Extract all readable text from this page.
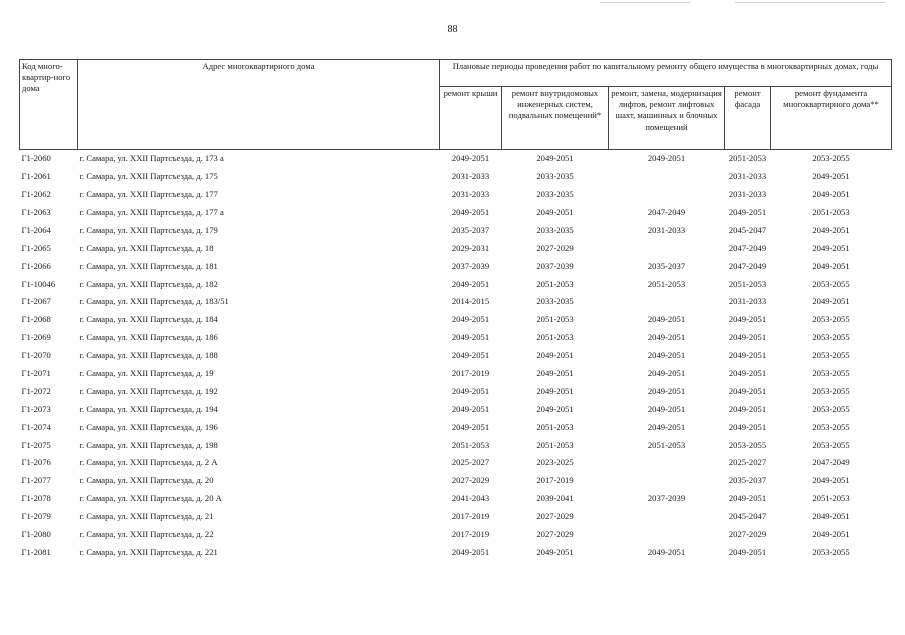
88
Код много-квартир-ного дома	Адрес многоквартирного дома	Плановые периоды проведения работ по капитальному ремонту общего имущества в многоквартирных домах, годы				
		ремонт крыши	ремонт внутридомовых инженерных систем, подвальных помещений*	ремонт, замена, модернизация лифтов, ремонт лифтовых шахт, машинных и блочных помещений	ремонт фасада	ремонт фундамента многоквартирного дома**
Г1-2060	г. Самара, ул. XXII Партсъезда, д. 173 а	2049-2051	2049-2051	2049-2051	2051-2053	2053-2055
Г1-2061	г. Самара, ул. XXII Партсъезда, д. 175	2031-2033	2033-2035		2031-2033	2049-2051
Г1-2062	г. Самара, ул. XXII Партсъезда, д. 177	2031-2033	2033-2035		2031-2033	2049-2051
Г1-2063	г. Самара, ул. XXII Партсъезда, д. 177 а	2049-2051	2049-2051	2047-2049	2049-2051	2051-2053
Г1-2064	г. Самара, ул. XXII Партсъезда, д. 179	2035-2037	2033-2035	2031-2033	2045-2047	2049-2051
Г1-2065	г. Самара, ул. XXII Партсъезда, д. 18	2029-2031	2027-2029		2047-2049	2049-2051
Г1-2066	г. Самара, ул. XXII Партсъезда, д. 181	2037-2039	2037-2039	2035-2037	2047-2049	2049-2051
Г1-10046	г. Самара, ул. XXII Партсъезда, д. 182	2049-2051	2051-2053	2051-2053	2051-2053	2053-2055
Г1-2067	г. Самара, ул. XXII Партсъезда, д. 183/51	2014-2015	2033-2035		2031-2033	2049-2051
Г1-2068	г. Самара, ул. XXII Партсъезда, д. 184	2049-2051	2051-2053	2049-2051	2049-2051	2053-2055
Г1-2069	г. Самара, ул. XXII Партсъезда, д. 186	2049-2051	2051-2053	2049-2051	2049-2051	2053-2055
Г1-2070	г. Самара, ул. XXII Партсъезда, д. 188	2049-2051	2049-2051	2049-2051	2049-2051	2053-2055
Г1-2071	г. Самара, ул. XXII Партсъезда, д. 19	2017-2019	2049-2051	2049-2051	2049-2051	2053-2055
Г1-2072	г. Самара, ул. XXII Партсъезда, д. 192	2049-2051	2049-2051	2049-2051	2049-2051	2053-2055
Г1-2073	г. Самара, ул. XXII Партсъезда, д. 194	2049-2051	2049-2051	2049-2051	2049-2051	2053-2055
Г1-2074	г. Самара, ул. XXII Партсъезда, д. 196	2049-2051	2051-2053	2049-2051	2049-2051	2053-2055
Г1-2075	г. Самара, ул. XXII Партсъезда, д. 198	2051-2053	2051-2053	2051-2053	2053-2055	2053-2055
Г1-2076	г. Самара, ул. XXII Партсъезда, д. 2 А	2025-2027	2023-2025		2025-2027	2047-2049
Г1-2077	г. Самара, ул. XXII Партсъезда, д. 20	2027-2029	2017-2019		2035-2037	2049-2051
Г1-2078	г. Самара, ул. XXII Партсъезда, д. 20 А	2041-2043	2039-2041	2037-2039	2049-2051	2051-2053
Г1-2079	г. Самара, ул. XXII Партсъезда, д. 21	2017-2019	2027-2029		2045-2047	2049-2051
Г1-2080	г. Самара, ул. XXII Партсъезда, д. 22	2017-2019	2027-2029		2027-2029	2049-2051
Г1-2081	г. Самара, ул. XXII Партсъезда, д. 221	2049-2051	2049-2051	2049-2051	2049-2051	2053-2055
